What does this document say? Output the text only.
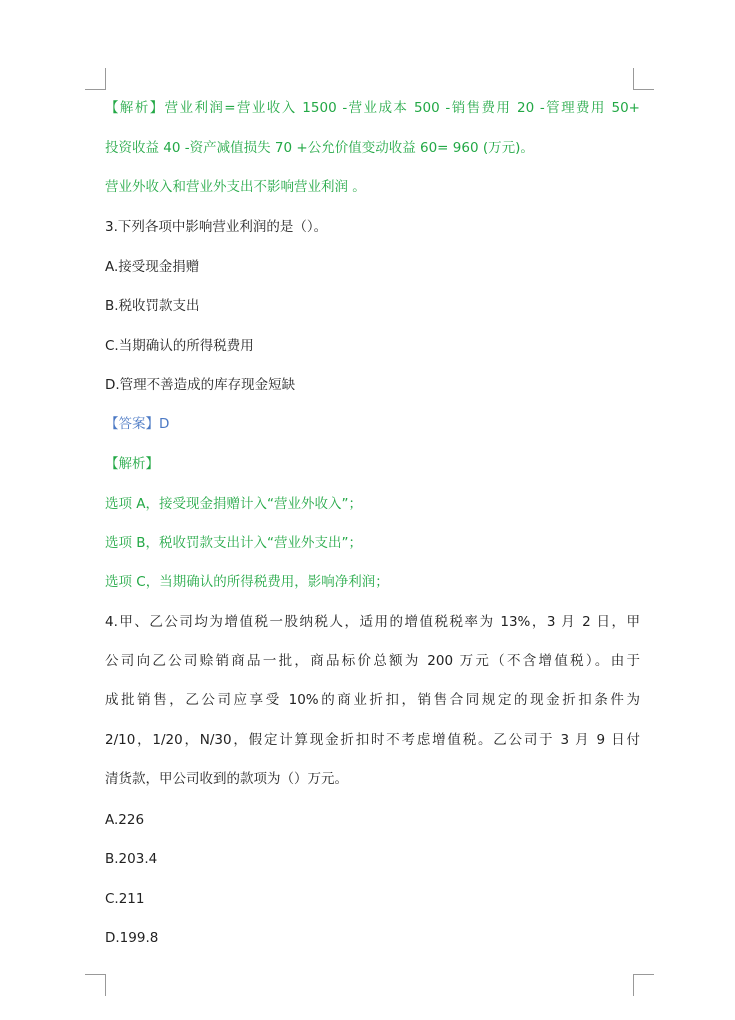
【解析】营业利润=营业收入 1500 -营业成本 500 -销售费用 20 -管理费用 50+
投资收益 40 -资产减值损失 70 +公允价值变动收益 60= 960 (万元)。
营业外收入和营业外支出不影响营业利润 。
3.下列各项中影响营业利润的是（）。
A.接受现金捐赠
B.税收罚款支出
C.当期确认的所得税费用
D.管理不善造成的库存现金短缺
【答案】D
【解析】
选项 A，接受现金捐赠计入“营业外收入”；
选项 B，税收罚款支出计入“营业外支出”；
选项 C，当期确认的所得税费用，影响净利润；
4.甲、乙公司均为增值税一股纳税人，适用的增值税税率为 13%，3 月 2 日，甲
公司向乙公司赊销商品一批，商品标价总额为 200 万元（不含增值税）。由于
成批销售，乙公司应享受 10%的商业折扣，销售合同规定的现金折扣条件为
2/10，1/20，N/30，假定计算现金折扣时不考虑增值税。乙公司于 3 月 9 日付
清货款，甲公司收到的款项为（）万元。
A.226
B.203.4
C.211
D.199.8
